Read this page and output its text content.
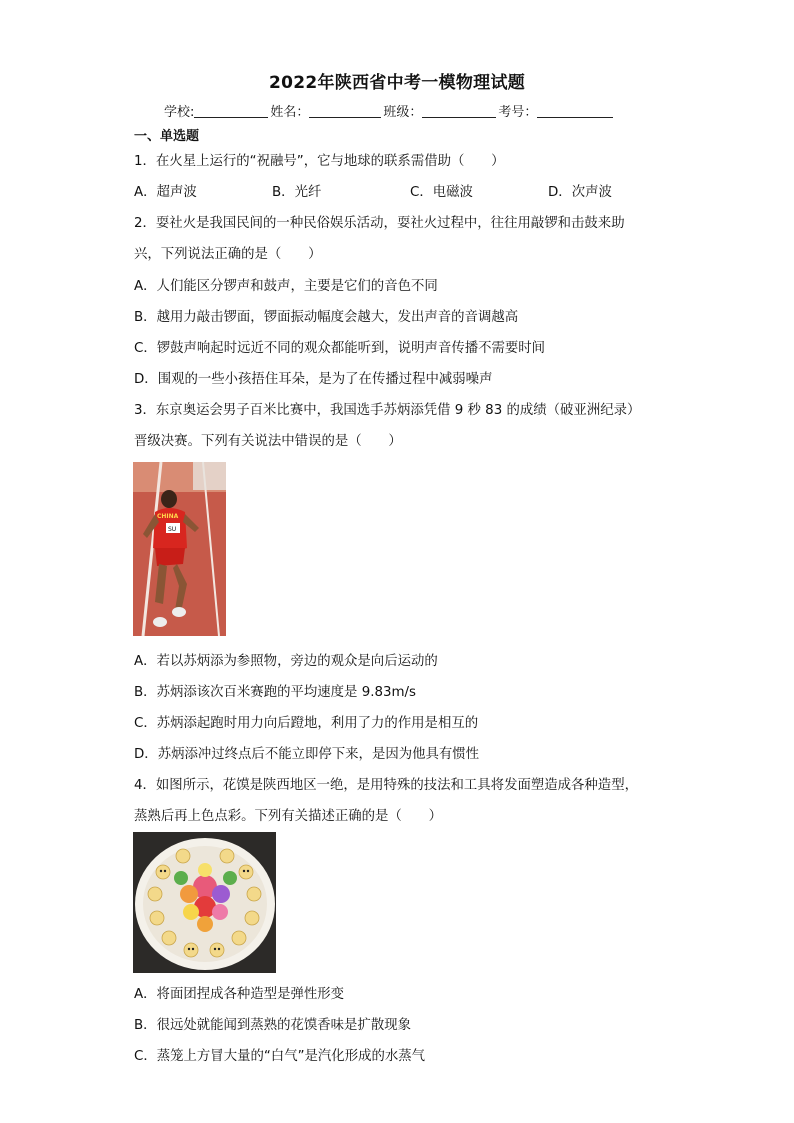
2022年陕西省中考一模物理试题
学校:	姓名：	班级：	考号：
一、单选题
1．在火星上运行的“祝融号”，它与地球的联系需借助（　　）
A．超声波	B．光纤	C．电磁波	D．次声波
2．耍社火是我国民间的一种民俗娱乐活动，耍社火过程中，往往用敲锣和击鼓来助
兴，下列说法正确的是（　　）
A．人们能区分锣声和鼓声，主要是它们的音色不同
B．越用力敲击锣面，锣面振动幅度会越大，发出声音的音调越高
C．锣鼓声响起时远近不同的观众都能听到，说明声音传播不需要时间
D．围观的一些小孩捂住耳朵，是为了在传播过程中减弱噪声
3．东京奥运会男子百米比赛中，我国选手苏炳添凭借 9 秒 83 的成绩（破亚洲纪录）
晋级决赛。下列有关说法中错误的是（　　）
SU
CHINA
A．若以苏炳添为参照物，旁边的观众是向后运动的
B．苏炳添该次百米赛跑的平均速度是 9.83m/s
C．苏炳添起跑时用力向后蹬地，利用了力的作用是相互的
D．苏炳添冲过终点后不能立即停下来，是因为他具有惯性
4．如图所示，花馍是陕西地区一绝，是用特殊的技法和工具将发面塑造成各种造型，
蒸熟后再上色点彩。下列有关描述正确的是（　　）
A．将面团捏成各种造型是弹性形变
B．很远处就能闻到蒸熟的花馍香味是扩散现象
C．蒸笼上方冒大量的“白气”是汽化形成的水蒸气
